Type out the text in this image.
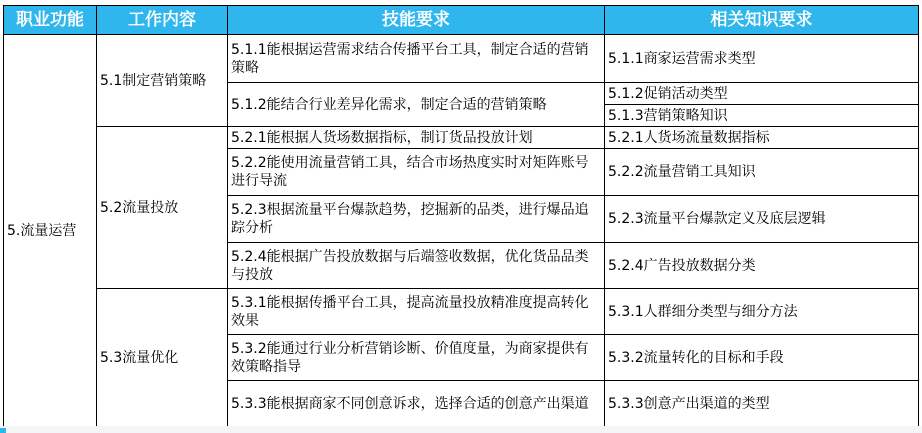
职业功能	工作内容	技能要求	相关知识要求
5.流量运营	5.1制定营销策略	5.1.1能根据运营需求结合传播平台工具，制定合适的营销策略	5.1.1商家运营需求类型
		5.1.2能结合行业差异化需求，制定合适的营销策略	5.1.2促销活动类型
			5.1.3营销策略知识
	5.2流量投放	5.2.1能根据人货场数据指标，制订货品投放计划	5.2.1人货场流量数据指标
		5.2.2能使用流量营销工具，结合市场热度实时对矩阵账号进行导流	5.2.2流量营销工具知识
		5.2.3根据流量平台爆款趋势，挖掘新的品类，进行爆品追踪分析	5.2.3流量平台爆款定义及底层逻辑
		5.2.4能根据广告投放数据与后端签收数据，优化货品品类与投放	5.2.4广告投放数据分类
	5.3流量优化	5.3.1能根据传播平台工具，提高流量投放精准度提高转化效果	5.3.1人群细分类型与细分方法
		5.3.2能通过行业分析营销诊断、价值度量，为商家提供有效策略指导	5.3.2流量转化的目标和手段
		5.3.3能根据商家不同创意诉求，选择合适的创意产出渠道	5.3.3创意产出渠道的类型
